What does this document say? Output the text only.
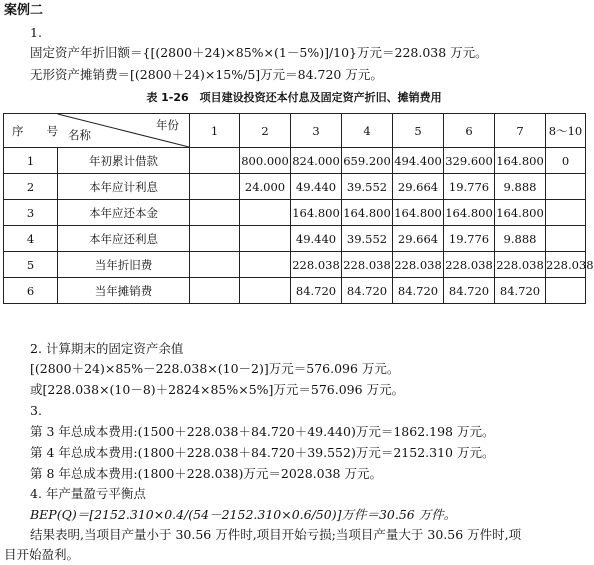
案例二
1.
固定资产年折旧额＝{[(2800＋24)×85%×(1－5%)]/10}万元＝228.038 万元。
无形资产摊销费＝[(2800＋24)×15%/5]万元＝84.720 万元。
表 1-26　项目建设投资还本付息及固定资产折旧、摊销费用
序　　号 年份
名称		1	2	3	4	5	6	7	8～10
1	年初累计借款		800.000	824.000	659.200	494.400	329.600	164.800	0
2	本年应计利息		24.000	49.440	39.552	29.664	19.776	9.888	
3	本年应还本金			164.800	164.800	164.800	164.800	164.800	
4	本年应还利息			49.440	39.552	29.664	19.776	9.888	
5	当年折旧费			228.038	228.038	228.038	228.038	228.038	228.038
6	当年摊销费			84.720	84.720	84.720	84.720	84.720	
2. 计算期末的固定资产余值
[(2800＋24)×85%－228.038×(10－2)]万元＝576.096 万元。
或[228.038×(10－8)＋2824×85%×5%]万元＝576.096 万元。
3.
第 3 年总成本费用:(1500＋228.038＋84.720＋49.440)万元＝1862.198 万元。
第 4 年总成本费用:(1800＋228.038＋84.720＋39.552)万元＝2152.310 万元。
第 8 年总成本费用:(1800＋228.038)万元＝2028.038 万元。
4. 年产量盈亏平衡点
BEP(Q)＝[2152.310×0.4/(54－2152.310×0.6/50)]万件＝30.56 万件。
结果表明,当项目产量小于 30.56 万件时,项目开始亏损;当项目产量大于 30.56 万件时,项
目开始盈利。
